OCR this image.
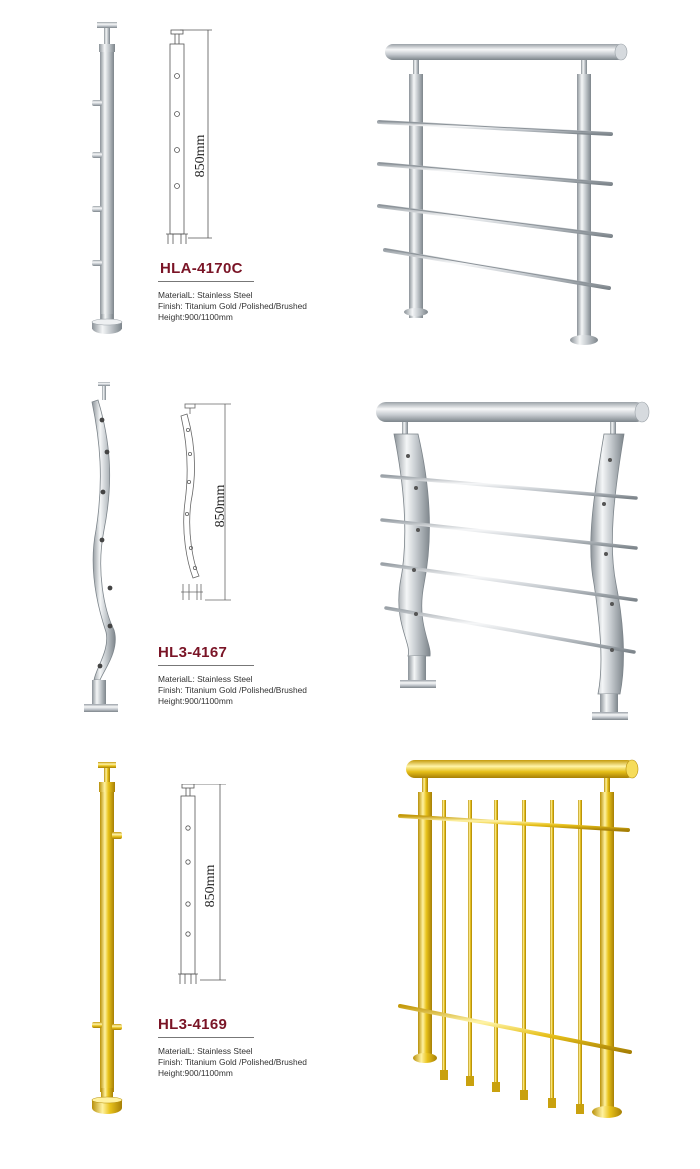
850mm
HLA-4170C
MaterialL: Stainless Steel
Finish: Titanium Gold /Polished/Brushed
Height:900/1100mm
850mm
HL3-4167
MaterialL: Stainless Steel
Finish: Titanium Gold /Polished/Brushed
Height:900/1100mm
850mm
HL3-4169
MaterialL: Stainless Steel
Finish: Titanium Gold /Polished/Brushed
Height:900/1100mm
